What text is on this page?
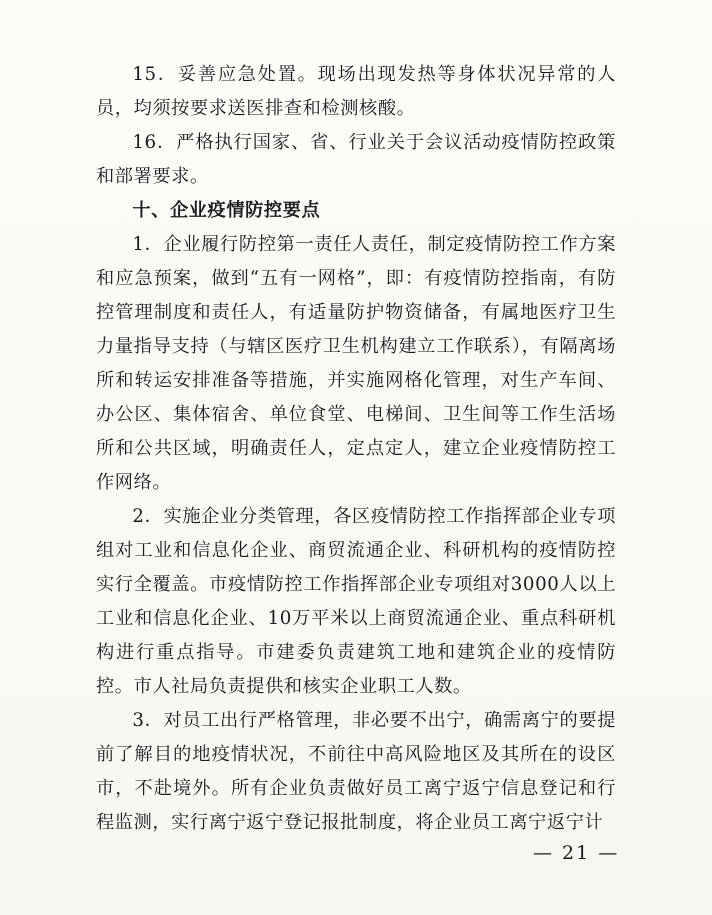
15．妥善应急处置。现场出现发热等身体状况异常的人员，均须按要求送医排查和检测核酸。

16．严格执行国家、省、行业关于会议活动疫情防控政策和部署要求。

十、企业疫情防控要点

1．企业履行防控第一责任人责任，制定疫情防控工作方案和应急预案，做到“五有一网格”，即：有疫情防控指南，有防控管理制度和责任人，有适量防护物资储备，有属地医疗卫生力量指导支持（与辖区医疗卫生机构建立工作联系），有隔离场所和转运安排准备等措施，并实施网格化管理，对生产车间、办公区、集体宿舍、单位食堂、电梯间、卫生间等工作生活场所和公共区域，明确责任人，定点定人，建立企业疫情防控工作网络。

2．实施企业分类管理，各区疫情防控工作指挥部企业专项组对工业和信息化企业、商贸流通企业、科研机构的疫情防控实行全覆盖。市疫情防控工作指挥部企业专项组对3000人以上工业和信息化企业、10万平米以上商贸流通企业、重点科研机构进行重点指导。市建委负责建筑工地和建筑企业的疫情防控。市人社局负责提供和核实企业职工人数。

3．对员工出行严格管理，非必要不出宁，确需离宁的要提前了解目的地疫情状况，不前往中高风险地区及其所在的设区市，不赴境外。所有企业负责做好员工离宁返宁信息登记和行程监测，实行离宁返宁登记报批制度，将企业员工离宁返宁计

— 21 —
